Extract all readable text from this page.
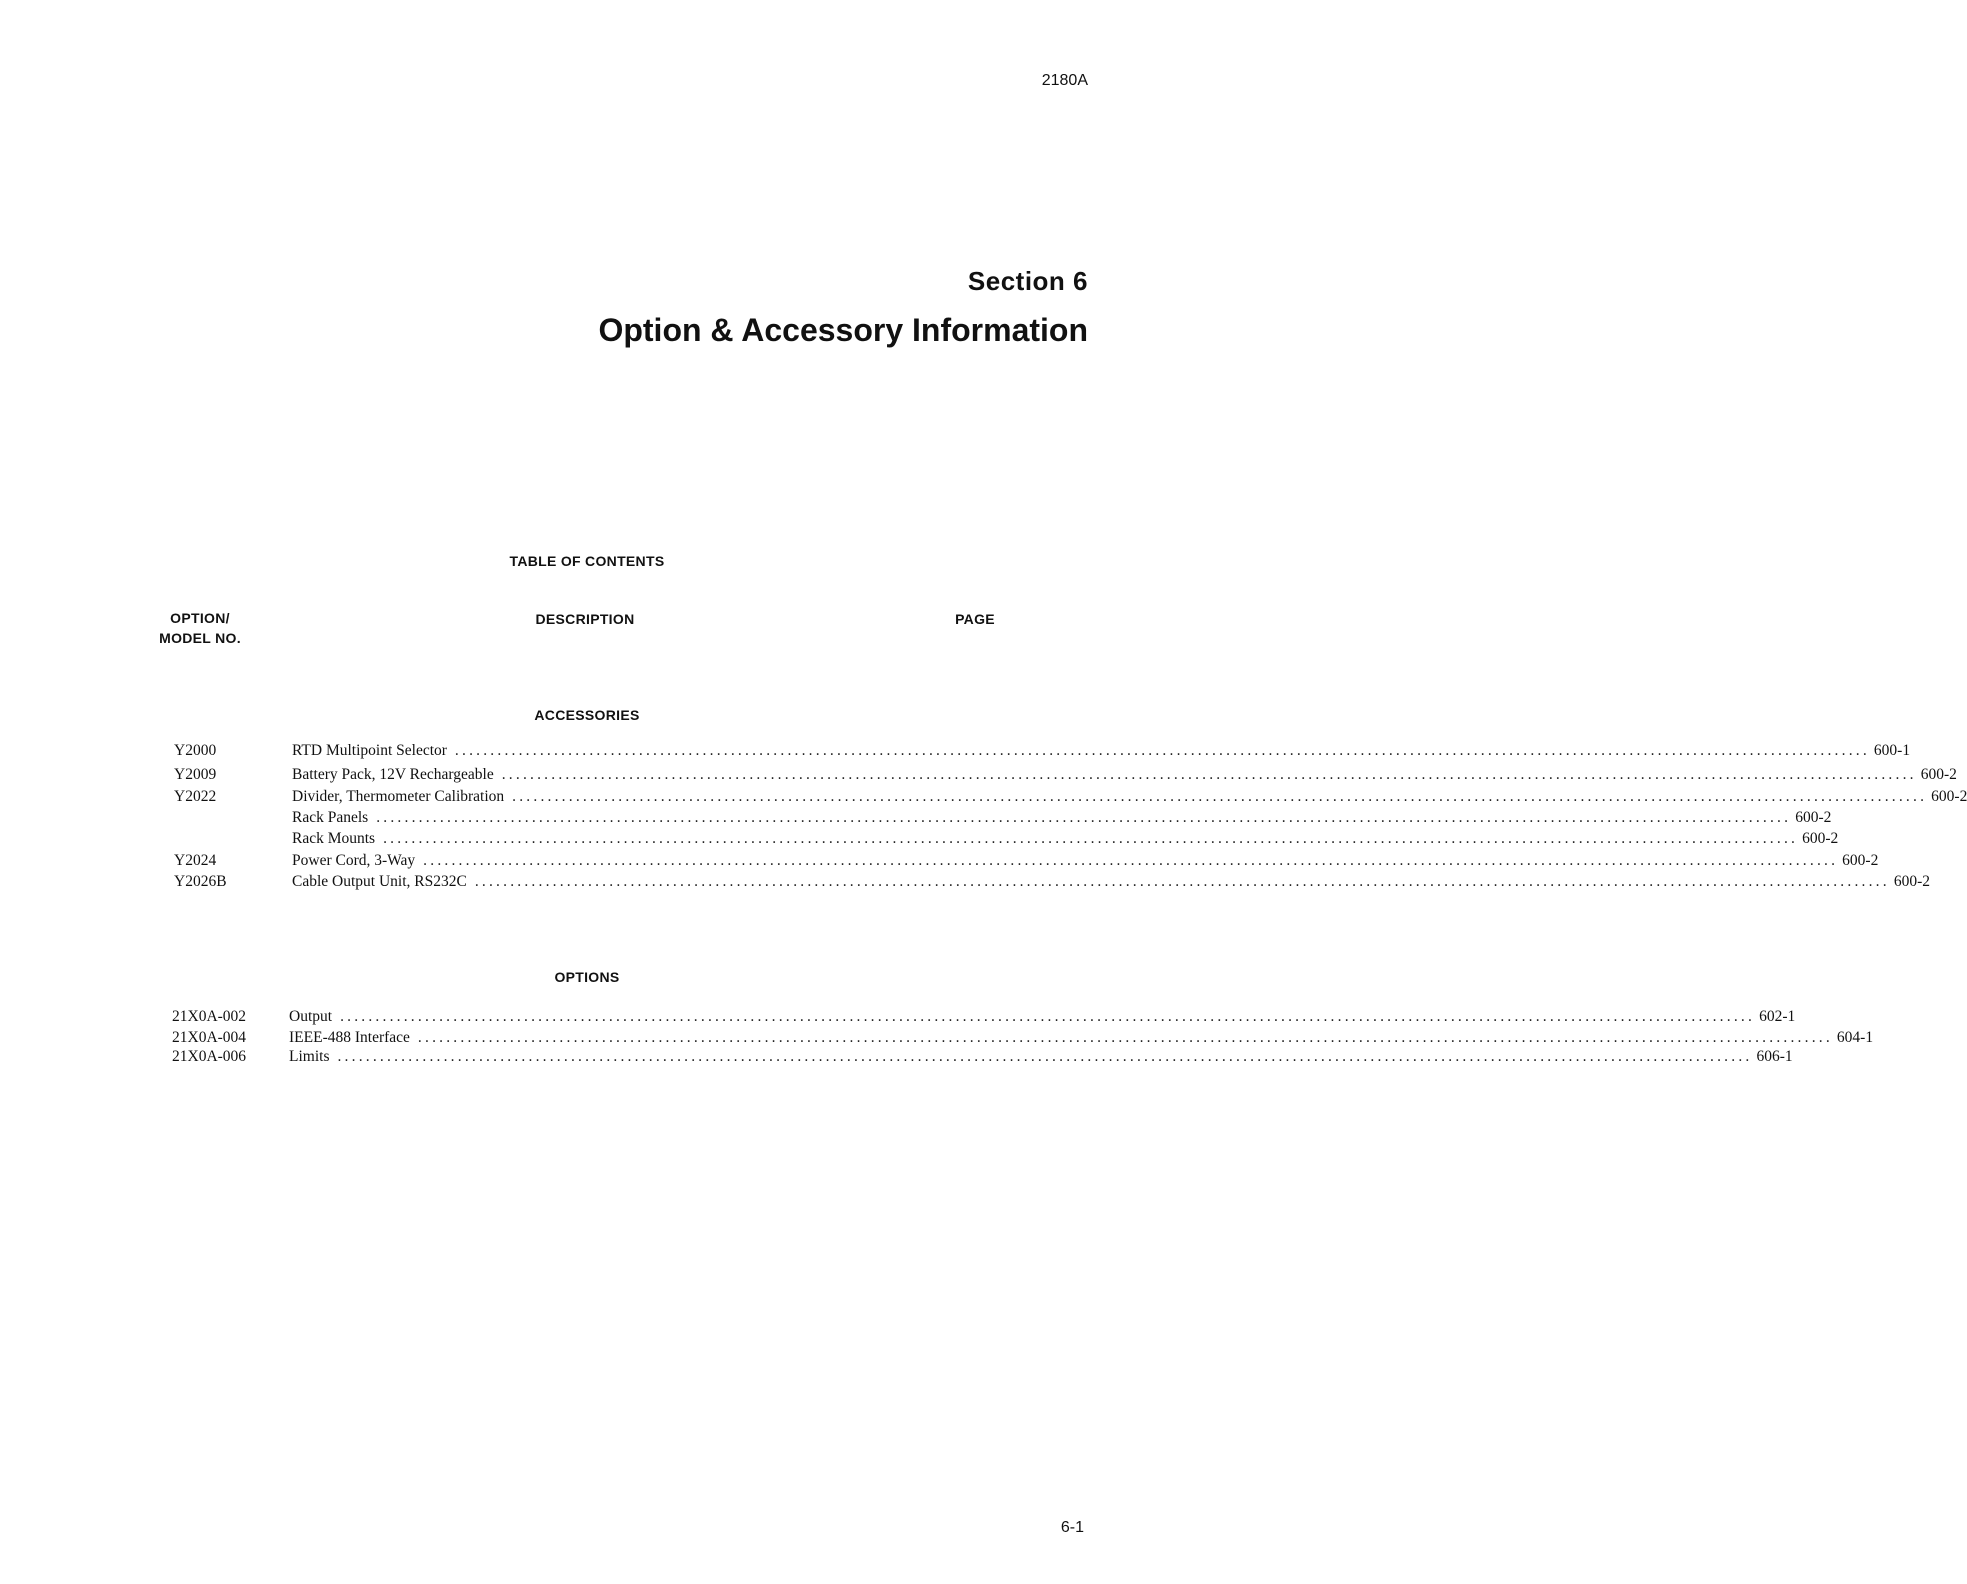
2180A
Section 6
Option & Accessory Information
TABLE OF CONTENTS
OPTION/
MODEL NO.
DESCRIPTION	PAGE
ACCESSORIES
Y2000	RTD Multipoint Selector ........................................................................................................................................................................................................ 600-1
Y2009	Battery Pack, 12V Rechargeable ........................................................................................................................................................................................................ 600-2
Y2022	Divider, Thermometer Calibration ........................................................................................................................................................................................................ 600-2
Rack Panels ........................................................................................................................................................................................................ 600-2
Rack Mounts ........................................................................................................................................................................................................ 600-2
Y2024	Power Cord, 3-Way ........................................................................................................................................................................................................ 600-2
Y2026B	Cable Output Unit, RS232C ........................................................................................................................................................................................................ 600-2
OPTIONS
21X0A-002	Output ........................................................................................................................................................................................................ 602-1
21X0A-004	IEEE-488 Interface ........................................................................................................................................................................................................ 604-1
21X0A-006	Limits ........................................................................................................................................................................................................ 606-1
6-1
